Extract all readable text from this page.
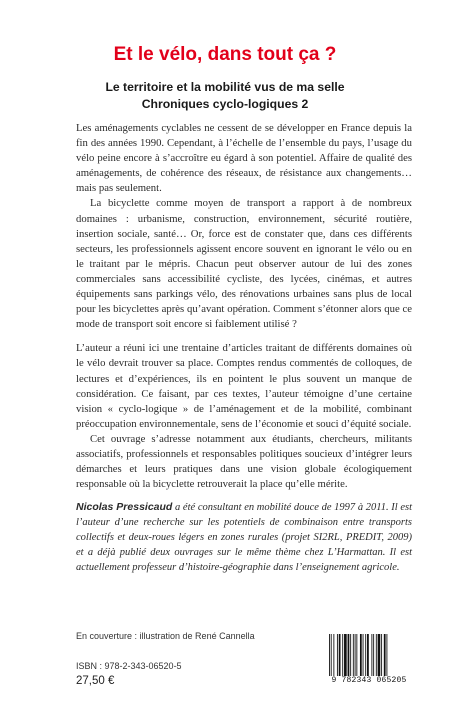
Et le vélo, dans tout ça ?
Le territoire et la mobilité vus de ma selle
Chroniques cyclo-logiques 2

Les aménagements cyclables ne cessent de se développer en France depuis la fin des années 1990. Cependant, à l’échelle de l’ensemble du pays, l’usage du vélo peine encore à s’accroître eu égard à son potentiel. Affaire de qualité des aménagements, de cohérence des réseaux, de résistance aux changements… mais pas seulement.

La bicyclette comme moyen de transport a rapport à de nombreux domaines : urbanisme, construction, environnement, sécurité routière, insertion sociale, santé… Or, force est de constater que, dans ces différents secteurs, les professionnels agissent encore souvent en ignorant le vélo ou en le traitant par le mépris. Chacun peut observer autour de lui des zones commerciales sans accessibilité cycliste, des lycées, cinémas, et autres équipements sans parkings vélo, des rénovations urbaines sans plus de local pour les bicyclettes après qu’avant opération. Comment s’étonner alors que ce mode de transport soit encore si faiblement utilisé ?

L’auteur a réuni ici une trentaine d’articles traitant de différents domaines où le vélo devrait trouver sa place. Comptes rendus commentés de colloques, de lectures et d’expériences, ils en pointent le plus souvent un manque de considération. Ce faisant, par ces textes, l’auteur témoigne d’une certaine vision « cyclo-logique » de l’aménagement et de la mobilité, combinant préoccupation environnementale, sens de l’économie et souci d’équité sociale.

Cet ouvrage s’adresse notamment aux étudiants, chercheurs, militants associatifs, professionnels et responsables politiques soucieux d’intégrer leurs démarches et leurs pratiques dans une vision globale écologiquement responsable où la bicyclette retrouverait la place qu’elle mérite.

Nicolas Pressicaud a été consultant en mobilité douce de 1997 à 2011. Il est l’auteur d’une recherche sur les potentiels de combinaison entre transports collectifs et deux-roues légers en zones rurales (projet SI2RL, PREDIT, 2009) et a déjà publié deux ouvrages sur le même thème chez L’Harmattan. Il est actuellement professeur d’histoire-géographie dans l’enseignement agricole.
En couverture : illustration de René Cannella
ISBN : 978-2-343-06520-5
27,50 €	9 782343 065205
